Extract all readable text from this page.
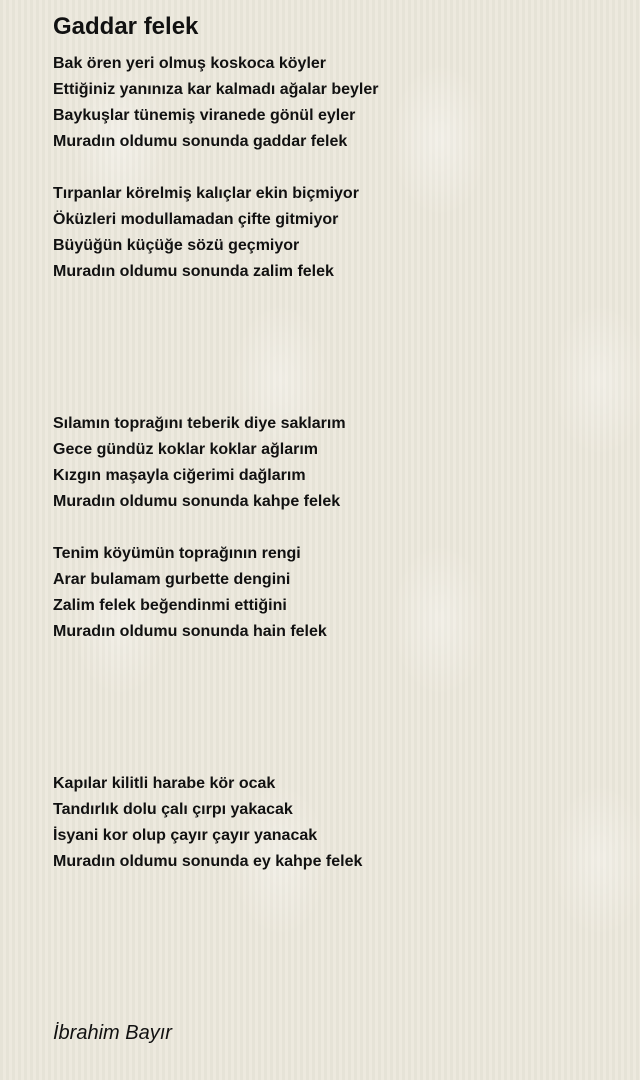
Gaddar felek

Bak ören yeri olmuş koskoca köyler

Ettiğiniz yanınıza kar kalmadı ağalar beyler

Baykuşlar tünemiş viranede gönül eyler

Muradın oldumu sonunda gaddar felek

Tırpanlar körelmiş kalıçlar ekin biçmiyor

Öküzleri modullamadan çifte gitmiyor

Büyüğün küçüğe sözü geçmiyor

Muradın oldumu sonunda zalim felek

Sılamın toprağını teberik diye saklarım

Gece gündüz koklar koklar ağlarım

Kızgın maşayla ciğerimi dağlarım

Muradın oldumu sonunda kahpe felek

Tenim köyümün toprağının rengi

Arar bulamam gurbette dengini

Zalim felek beğendinmi ettiğini

Muradın oldumu sonunda hain felek

Kapılar kilitli harabe kör ocak

Tandırlık dolu çalı çırpı yakacak

İsyani kor olup çayır çayır yanacak

Muradın oldumu sonunda ey kahpe felek

İbrahim Bayır
